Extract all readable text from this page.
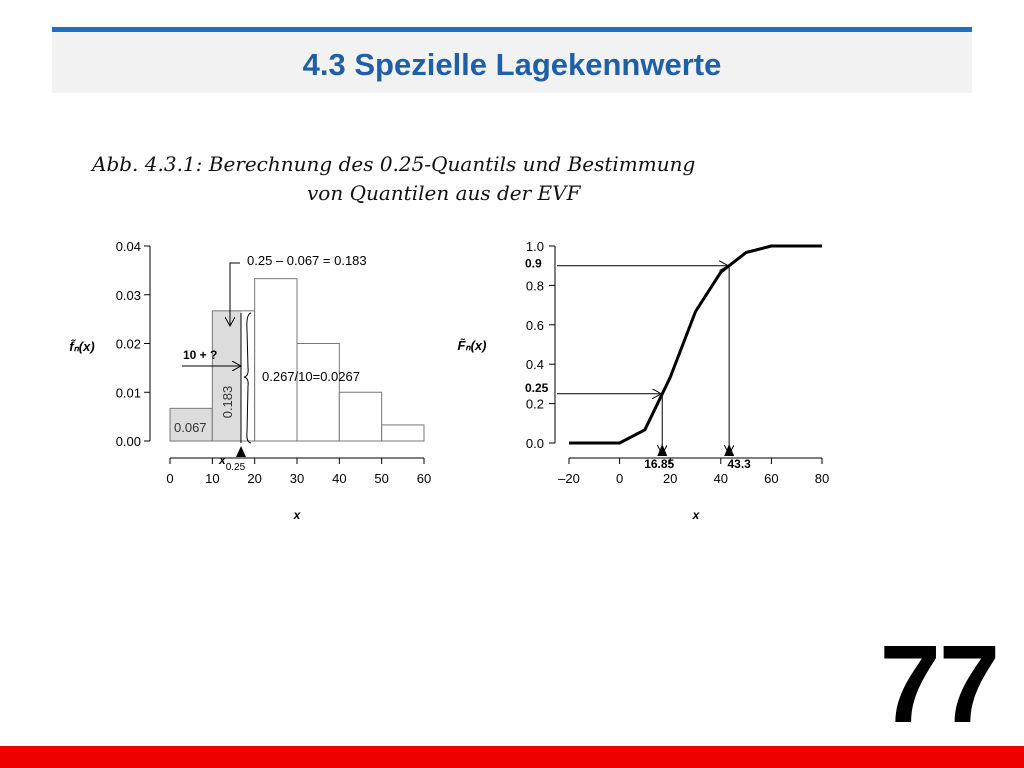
4.3 Spezielle Lagekennwerte
Abb. 4.3.1: Berechnung des 0.25-Quantils und Bestimmung
von Quantilen aus der EVF
0.00
0.01
0.02
0.03
0.04
0 10 20 30 40 50 60
f̃ₙ(x)
x
0.067
0.183
0.25 – 0.067 = 0.183
0.267/10=0.0267
10 + ?
$x_{0.25}$
0.0
0.2
0.4
0.6
0.8
1.0
–20	0	20	40	60	80
0.25
16.85
0.9
43.3
F̃ₙ(x)
x
77
